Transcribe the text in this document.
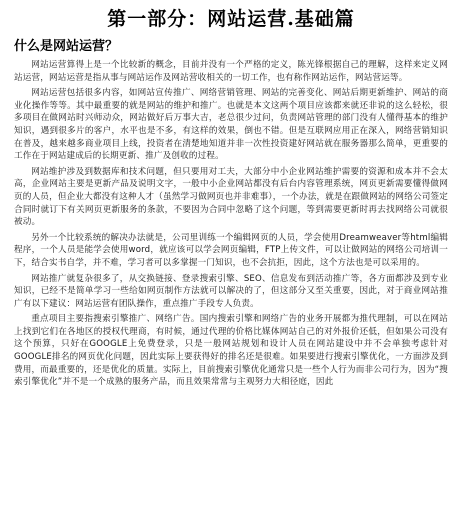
第一部分：网站运营.基础篇
什么是网站运营？

网站运营算得上是一个比较新的概念，目前并没有一个严格的定义，陈光锋根据自己的理解，这样来定义网站运营，网站运营是指从事与网站运作及网站营收相关的一切工作，也有称作网站运作，网站营运等。

网站运营包括很多内容，如网站宣传推广、网络营销管理、网站的完善变化、网站后期更新维护、网站的商业化操作等等。其中最重要的就是网站的维护和推广。也就是本文这两个项目应该都来就还非说的这么轻松，很多项目在做网站时兴师动众，网站做好后万事大吉，老总很少过问，负责网站管理的部门没有人懂得基本的维护知识，遇到很多片的客户，水平也是不多，有这样的效果，倒也不错。但是互联网应用正在深入，网络营销知识在普及，越来越多商业项目上线，投资者在清楚地知道并非一次性投资建好网站就在服务器那么简单，更重要的工作在于网站建成后的长期更新、推广及创收的过程。

网站维护涉及到数据库和技术问题，但只要用对工夫，大部分中小企业网站维护需要的资源和成本并不会太高，企业网站主要是更新产品及说明文字，一般中小企业网站都没有后台内容管理系统，网页更新需要懂得做网页的人员，但企业大都没有这种人才（虽然学习做网页也并非难事），一个办法，就是在跟做网站的网络公司签定合同时就订下有关网页更新服务的条款，不要因为合同中忽略了这个问题，等到需要更新时再去找网络公司就很被动。

另外一个比较系统的解决办法就是，公司里训练一个编辑网页的人员，学会使用Dreamweaver等html编辑程序，一个人员是能学会使用word，就应该可以学会网页编辑，FTP上传文件，可以让做网站的网络公司培训一下，结合实书自学，并不难，学习者可以多掌握一门知识，也不会抗拒，因此，这个方法也是可以采用的。

网站推广就复杂很多了，从交换链接、登录搜索引擎、SEO、信息发布到活动推广等，各方面都涉及到专业知识，已经不是简单学习一些给如网页制作方法就可以解决的了，但这部分又至关重要，因此，对于商业网站推广有以下建议：网站运营有团队操作，重点推广手段专人负责。

重点项目主要指搜索引擎推广、网络广告。国内搜索引擎和网络广告的业务开展都为推代理制，可以在网站上找到它们在各地区的授权代理商，有时候，通过代理的价格比媒体网站自己的对外报价还低，但如果公司没有这个预算，只好在GOOGLE上免费登录，只是一般网站规划和设计人员在网站建设中并不会单独考虑针对GOOGLE排名的网页优化问题，因此实际上要获得好的排名还是很难。如果要进行搜索引擎优化，一方面涉及到费用，而最重要的，还是优化的质量。实际上，目前搜索引擎优化通常只是一些个人行为而非公司行为，因为“搜索引擎优化”并不是一个成熟的服务产品，而且效果常常与主观努力大相径庭，因此
